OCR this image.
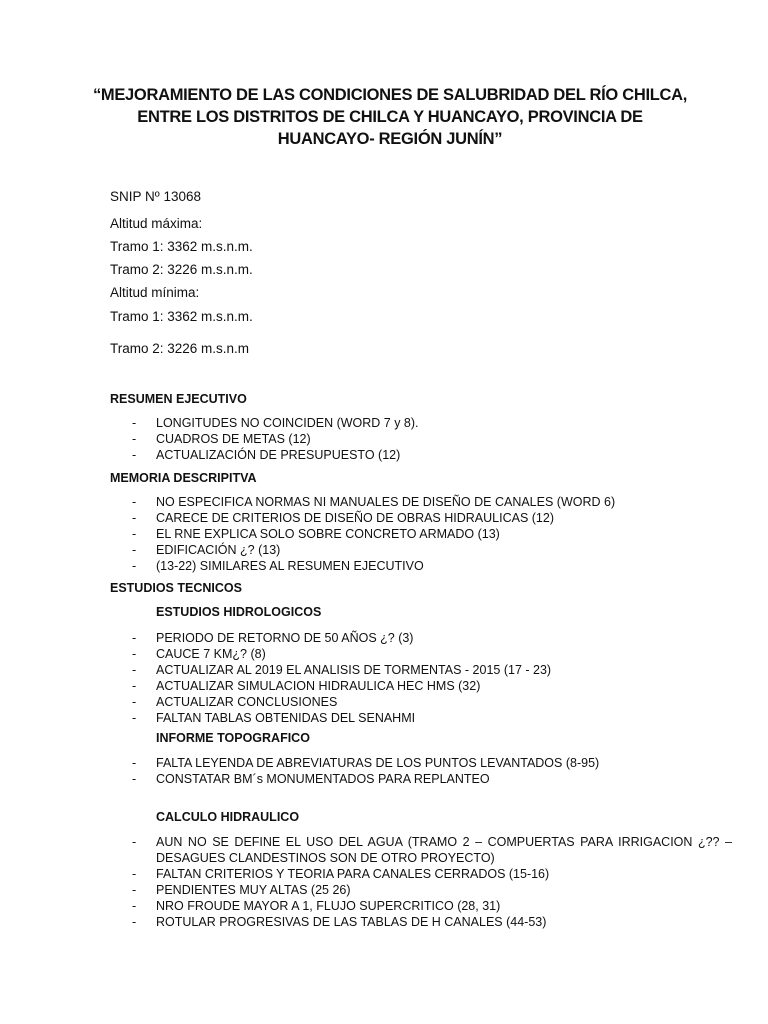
“MEJORAMIENTO DE LAS CONDICIONES DE SALUBRIDAD DEL RÍO CHILCA,
ENTRE LOS DISTRITOS DE CHILCA Y HUANCAYO, PROVINCIA DE
HUANCAYO- REGIÓN JUNÍN”
SNIP Nº 13068
Altitud máxima:
Tramo 1: 3362 m.s.n.m.
Tramo 2: 3226 m.s.n.m.
Altitud mínima:
Tramo 1: 3362 m.s.n.m.
Tramo 2: 3226 m.s.n.m
RESUMEN EJECUTIVO
- LONGITUDES NO COINCIDEN (WORD 7 y 8).
- CUADROS DE METAS (12)
- ACTUALIZACIÓN DE PRESUPUESTO (12)
MEMORIA DESCRIPITVA
- NO ESPECIFICA NORMAS NI MANUALES DE DISEÑO DE CANALES (WORD 6)
- CARECE DE CRITERIOS DE DISEÑO DE OBRAS HIDRAULICAS (12)
- EL RNE EXPLICA SOLO SOBRE CONCRETO ARMADO (13)
- EDIFICACIÓN ¿? (13)
- (13-22) SIMILARES AL RESUMEN EJECUTIVO
ESTUDIOS TECNICOS
ESTUDIOS HIDROLOGICOS
- PERIODO DE RETORNO DE 50 AÑOS ¿? (3)
- CAUCE 7 KM¿? (8)
- ACTUALIZAR AL 2019 EL ANALISIS DE TORMENTAS - 2015 (17 - 23)
- ACTUALIZAR SIMULACION HIDRAULICA HEC HMS (32)
- ACTUALIZAR CONCLUSIONES
- FALTAN TABLAS OBTENIDAS DEL SENAHMI
INFORME TOPOGRAFICO
- FALTA LEYENDA DE ABREVIATURAS DE LOS PUNTOS LEVANTADOS (8-95)
- CONSTATAR BM´s MONUMENTADOS PARA REPLANTEO
CALCULO HIDRAULICO
- AUN NO SE DEFINE EL USO DEL AGUA (TRAMO 2 – COMPUERTAS PARA IRRIGACION ¿?? – DESAGUES CLANDESTINOS SON DE OTRO PROYECTO)
- FALTAN CRITERIOS Y TEORIA PARA CANALES CERRADOS (15-16)
- PENDIENTES MUY ALTAS (25 26)
- NRO FROUDE MAYOR A 1, FLUJO SUPERCRITICO (28, 31)
- ROTULAR PROGRESIVAS DE LAS TABLAS DE H CANALES (44-53)
